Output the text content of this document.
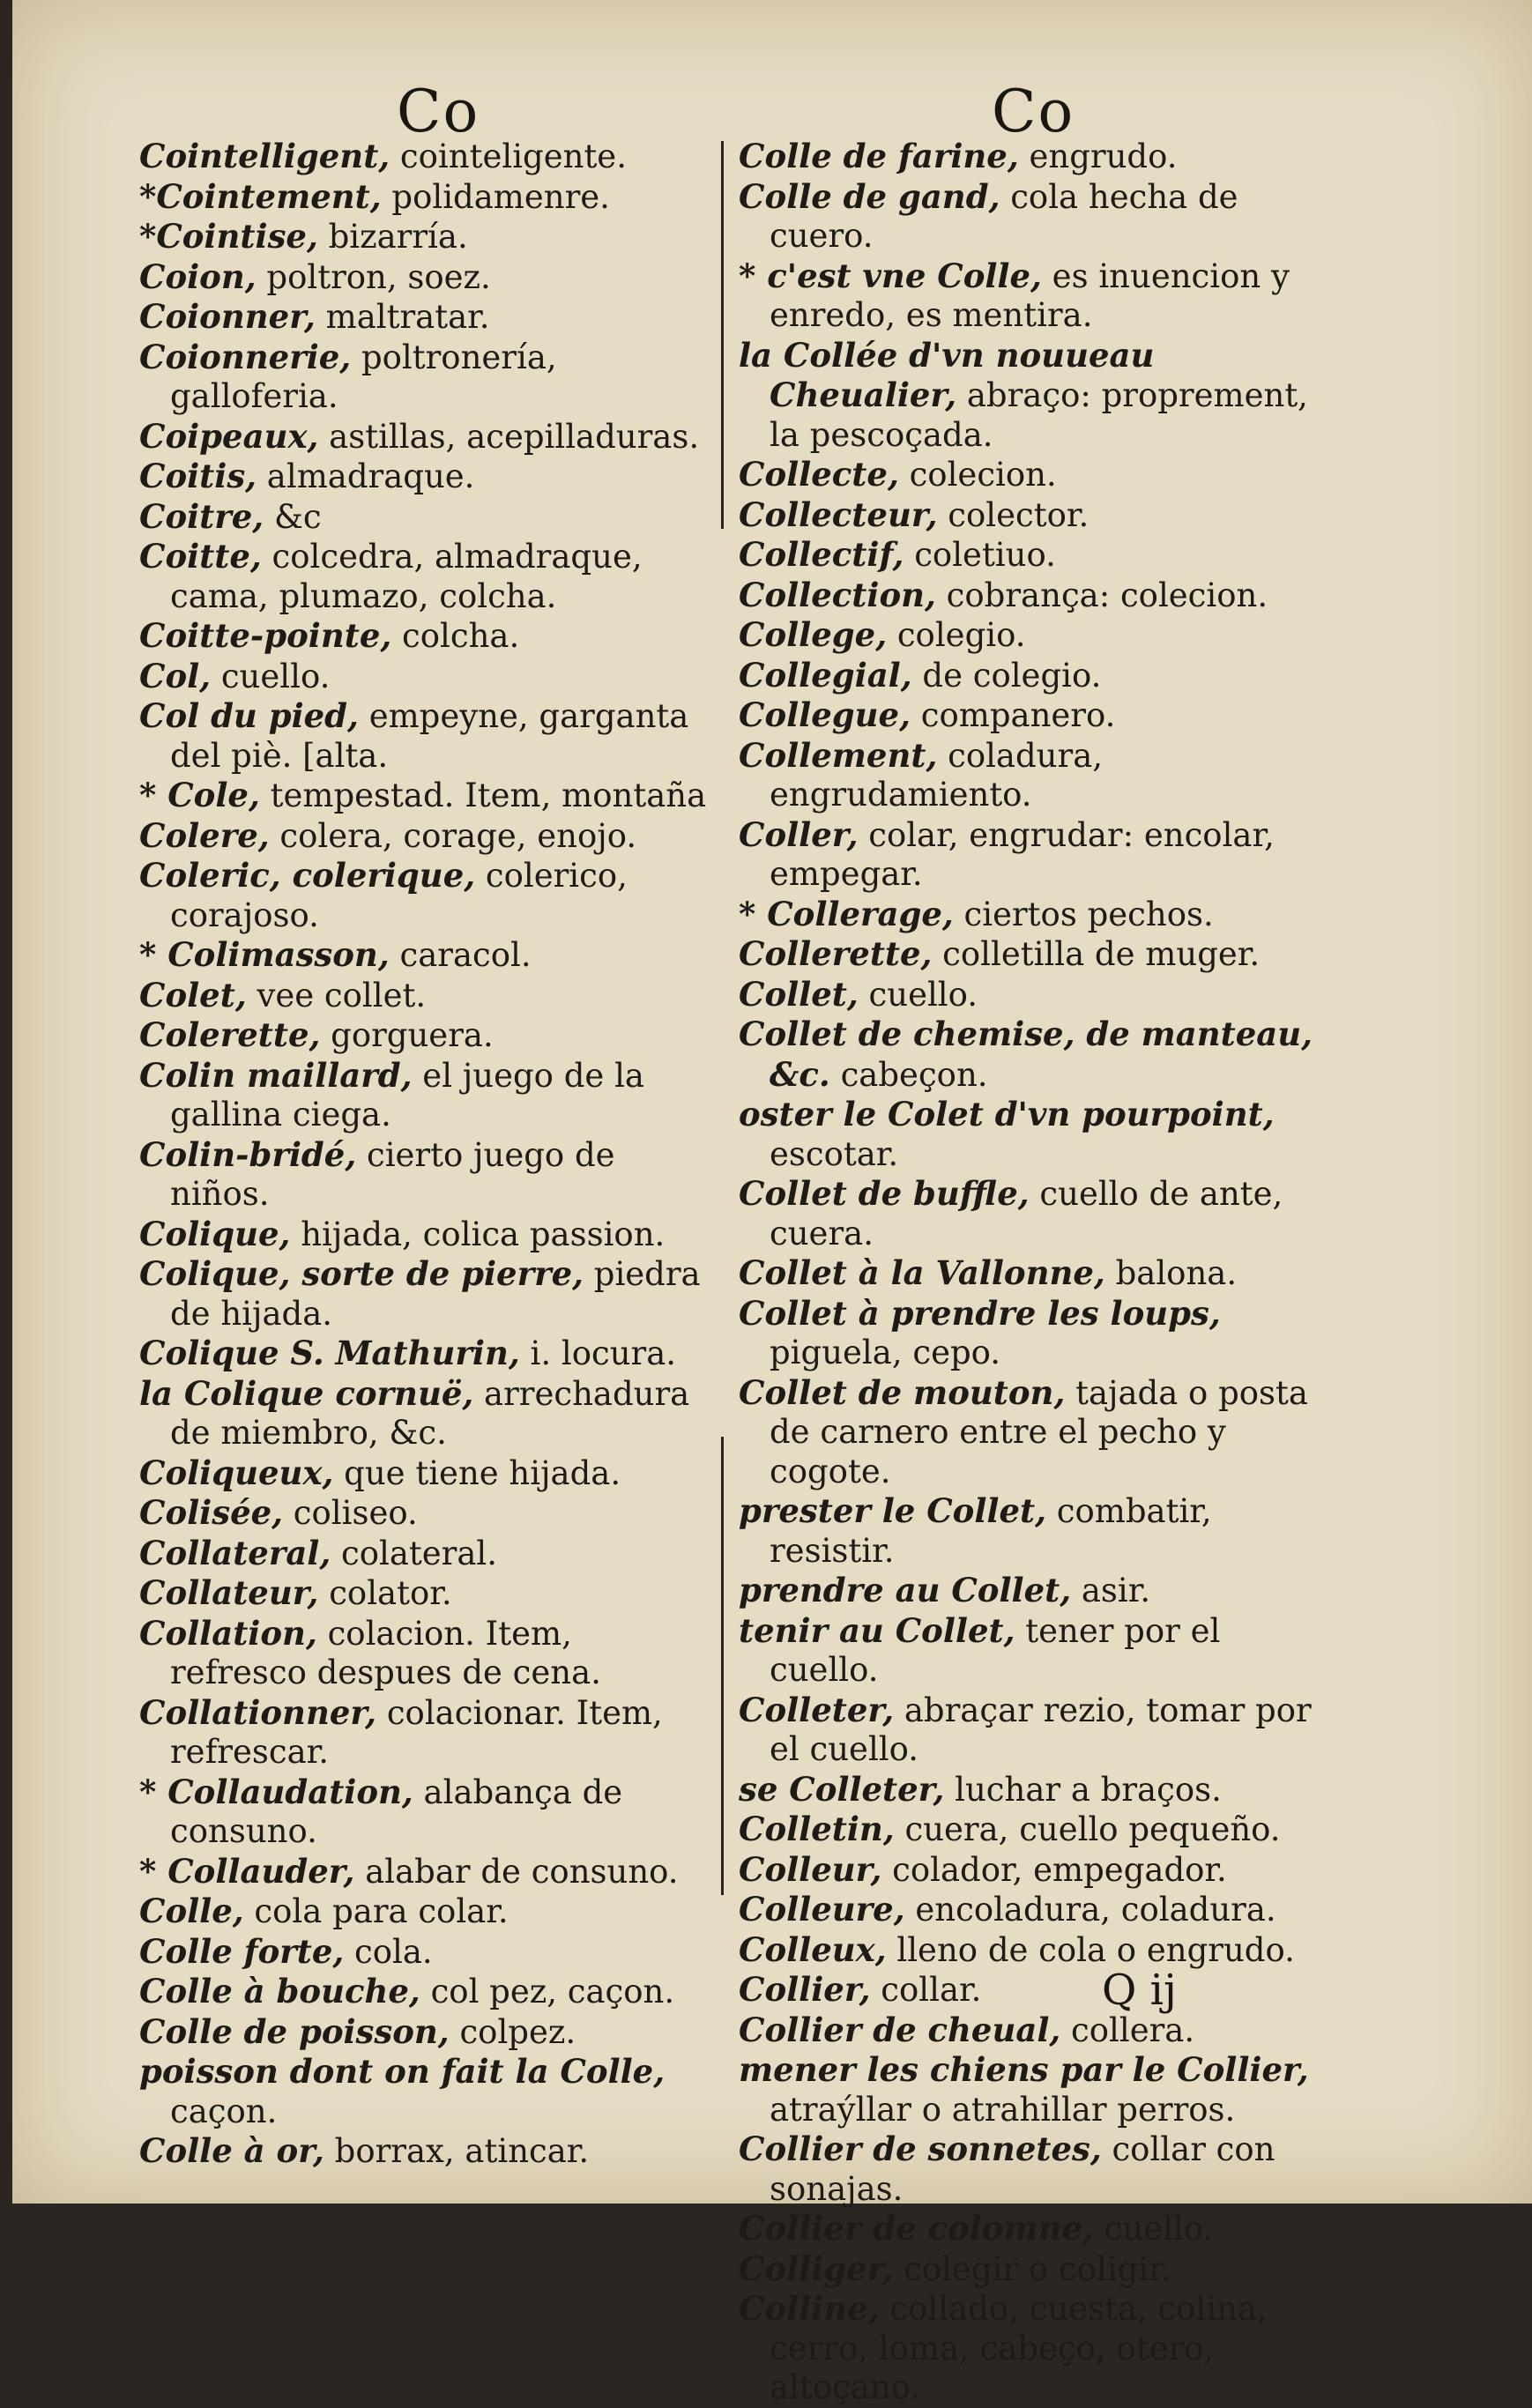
Co	Co

Cointelligent, cointeligente.

*Cointement, polidamenre.

*Cointise, bizarría.

Coion, poltron, soez.

Coionner, maltratar.

Coionnerie, poltronería, galloferia.

Coipeaux, astillas, acepilladuras.

Coitis, almadraque.

Coitre, &c

Coitte, colcedra, almadraque, cama, plumazo, colcha.

Coitte-pointe, colcha.

Col, cuello.

Col du pied, empeyne, garganta del piè. [alta.

* Cole, tempestad. Item, montaña

Colere, colera, corage, enojo.

Coleric, colerique, colerico, corajoso.

* Colimasson, caracol.

Colet, vee collet.

Colerette, gorguera.

Colin maillard, el juego de la gallina ciega.

Colin-bridé, cierto juego de niños.

Colique, hijada, colica passion.

Colique, sorte de pierre, piedra de hijada.

Colique S. Mathurin, i. locura.

la Colique cornuë, arrechadura de miembro, &c.

Coliqueux, que tiene hijada.

Colisée, coliseo.

Collateral, colateral.

Collateur, colator.

Collation, colacion. Item, refresco despues de cena.

Collationner, colacionar. Item, refrescar.

* Collaudation, alabança de consuno.

* Collauder, alabar de consuno.

Colle, cola para colar.

Colle forte, cola.

Colle à bouche, col pez, caçon.

Colle de poisson, colpez.

poisson dont on fait la Colle, caçon.

Colle à or, borrax, atincar.

Colle de farine, engrudo.

Colle de gand, cola hecha de cuero.

* c'est vne Colle, es inuencion y enredo, es mentira.

la Collée d'vn nouueau Cheualier, abraço: proprement, la pescoçada.

Collecte, colecion.

Collecteur, colector.

Collectif, coletiuo.

Collection, cobrança: colecion.

College, colegio.

Collegial, de colegio.

Collegue, companero.

Collement, coladura, engrudamiento.

Coller, colar, engrudar: encolar, empegar.

* Collerage, ciertos pechos.

Collerette, colletilla de muger.

Collet, cuello.

Collet de chemise, de manteau, &c. cabeçon.

oster le Colet d'vn pourpoint, escotar.

Collet de buffle, cuello de ante, cuera.

Collet à la Vallonne, balona.

Collet à prendre les loups, piguela, cepo.

Collet de mouton, tajada o posta de carnero entre el pecho y cogote.

prester le Collet, combatir, resistir.

prendre au Collet, asir.

tenir au Collet, tener por el cuello.

Colleter, abraçar rezio, tomar por el cuello.

se Colleter, luchar a braços.

Colletin, cuera, cuello pequeño.

Colleur, colador, empegador.

Colleure, encoladura, coladura.

Colleux, lleno de cola o engrudo.

Collier, collar.

Collier de cheual, collera.

mener les chiens par le Collier, atraýllar o atrahillar perros.

Collier de sonnetes, collar con sonajas.

Collier de colomne, cuello.

Colliger, colegir o coligir.

Colline, collado, cuesta, colina, cerro, loma, cabeço, otero, altoçano.

Q ij
